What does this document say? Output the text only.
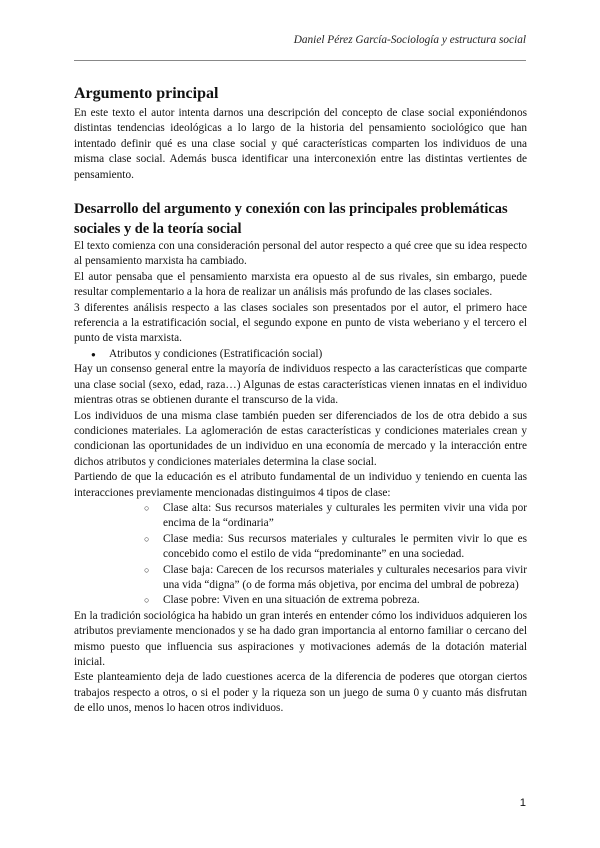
Daniel Pérez García-Sociología y estructura social
Argumento principal

En este texto el autor intenta darnos una descripción del concepto de clase social exponiéndonos distintas tendencias ideológicas a lo largo de la historia del pensamiento sociológico que han intentado definir qué es una clase social y qué características comparten los individuos de una misma clase social. Además busca identificar una interconexión entre las distintas vertientes de pensamiento.

Desarrollo del argumento y conexión con las principales problemáticas sociales y de la teoría social

El texto comienza con una consideración personal del autor respecto a qué cree que su idea respecto al pensamiento marxista ha cambiado.

El autor pensaba que el pensamiento marxista era opuesto al de sus rivales, sin embargo, puede resultar complementario a la hora de realizar un análisis más profundo de las clases sociales.

3 diferentes análisis respecto a las clases sociales son presentados por el autor, el primero hace referencia a la estratificación social, el segundo expone en punto de vista weberiano y el tercero el punto de vista marxista.

● Atributos y condiciones (Estratificación social)

Hay un consenso general entre la mayoría de individuos respecto a las características que comparte una clase social (sexo, edad, raza…) Algunas de estas características vienen innatas en el individuo mientras otras se obtienen durante el transcurso de la vida.

Los individuos de una misma clase también pueden ser diferenciados de los de otra debido a sus condiciones materiales. La aglomeración de estas características y condiciones materiales crean y condicionan las oportunidades de un individuo en una economía de mercado y la interacción entre dichos atributos y condiciones materiales determina la clase social.

Partiendo de que la educación es el atributo fundamental de un individuo y teniendo en cuenta las interacciones previamente mencionadas distinguimos 4 tipos de clase:

○ Clase alta: Sus recursos materiales y culturales les permiten vivir una vida por encima de la “ordinaria”
○ Clase media: Sus recursos materiales y culturales le permiten vivir lo que es concebido como el estilo de vida “predominante” en una sociedad.
○ Clase baja: Carecen de los recursos materiales y culturales necesarios para vivir una vida “digna” (o de forma más objetiva, por encima del umbral de pobreza)
○ Clase pobre: Viven en una situación de extrema pobreza.

En la tradición sociológica ha habido un gran interés en entender cómo los individuos adquieren los atributos previamente mencionados y se ha dado gran importancia al entorno familiar o cercano del mismo puesto que influencia sus aspiraciones y motivaciones además de la dotación material inicial.

Este planteamiento deja de lado cuestiones acerca de la diferencia de poderes que otorgan ciertos trabajos respecto a otros, o si el poder y la riqueza son un juego de suma 0 y cuanto más disfrutan de ello unos, menos lo hacen otros individuos.

1
